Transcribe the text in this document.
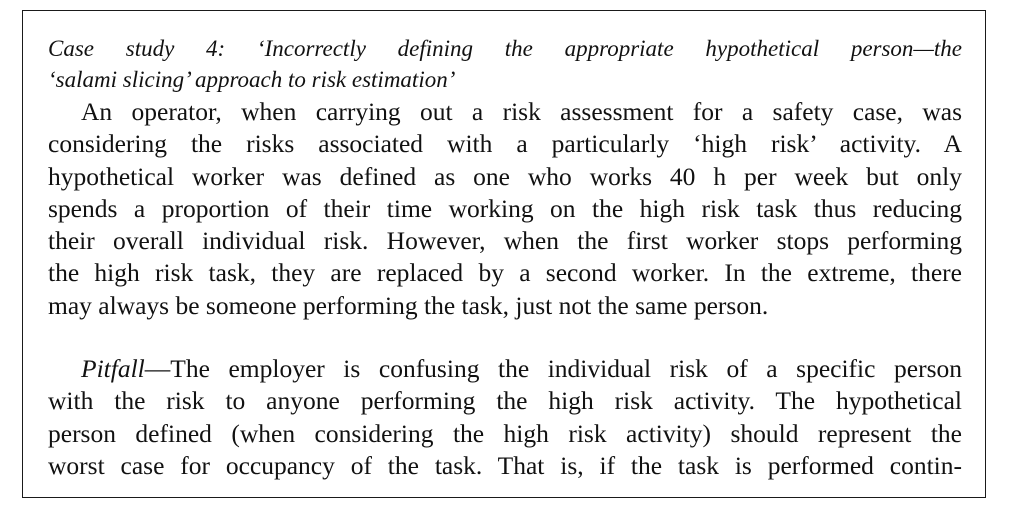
Case study 4: ‘Incorrectly defining the appropriate hypothetical person—the
‘salami slicing’ approach to risk estimation’
An operator, when carrying out a risk assessment for a safety case, was
considering the risks associated with a particularly ‘high risk’ activity. A
hypothetical worker was defined as one who works 40 h per week but only
spends a proportion of their time working on the high risk task thus reducing
their overall individual risk. However, when the first worker stops performing
the high risk task, they are replaced by a second worker. In the extreme, there
may always be someone performing the task, just not the same person.
Pitfall—The employer is confusing the individual risk of a specific person
with the risk to anyone performing the high risk activity. The hypothetical
person defined (when considering the high risk activity) should represent the
worst case for occupancy of the task. That is, if the task is performed contin-
